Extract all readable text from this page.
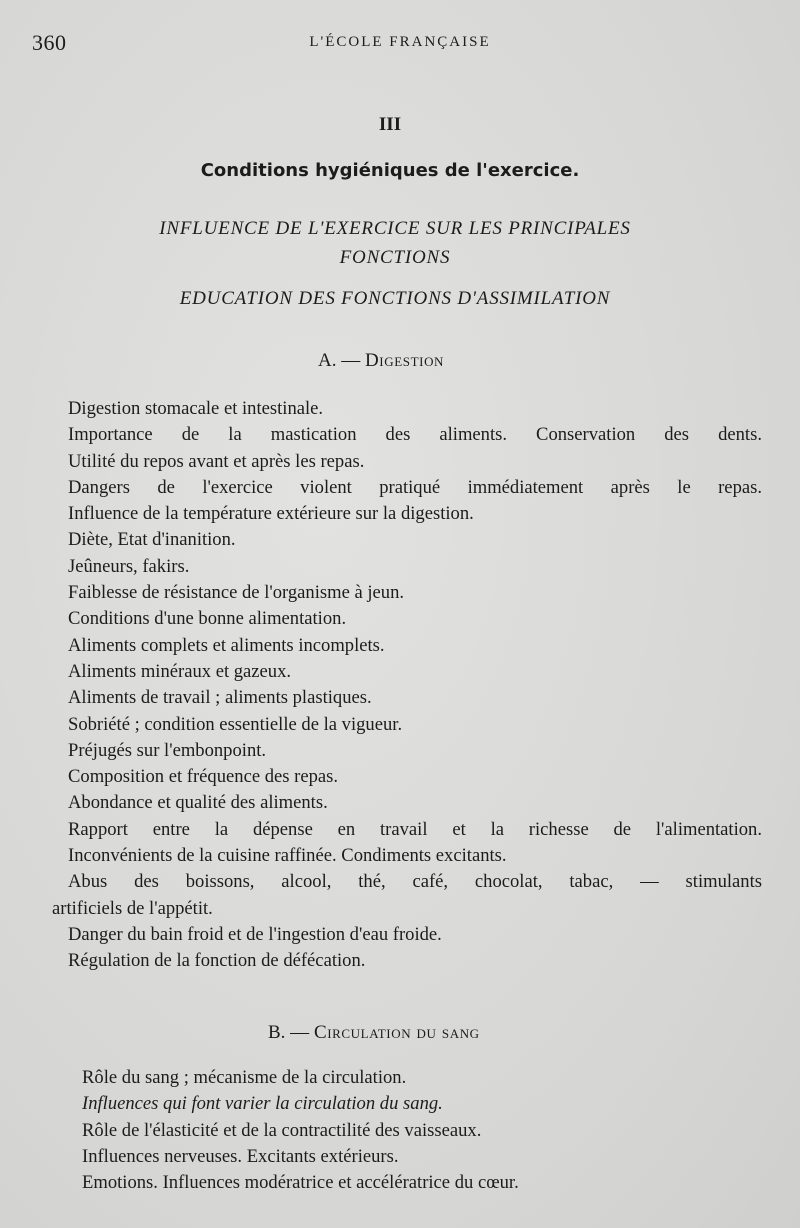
360	L'ÉCOLE FRANÇAISE
III
Conditions hygiéniques de l'exercice.
INFLUENCE DE L'EXERCICE SUR LES PRINCIPALES
FONCTIONS
EDUCATION DES FONCTIONS D'ASSIMILATION
A. — Digestion
Digestion stomacale et intestinale.
Importance de la mastication des aliments. Conservation des dents.
Utilité du repos avant et après les repas.
Dangers de l'exercice violent pratiqué immédiatement après le repas.
Influence de la température extérieure sur la digestion.
Diète, Etat d'inanition.
Jeûneurs, fakirs.
Faiblesse de résistance de l'organisme à jeun.
Conditions d'une bonne alimentation.
Aliments complets et aliments incomplets.
Aliments minéraux et gazeux.
Aliments de travail ; aliments plastiques.
Sobriété ; condition essentielle de la vigueur.
Préjugés sur l'embonpoint.
Composition et fréquence des repas.
Abondance et qualité des aliments.
Rapport entre la dépense en travail et la richesse de l'alimentation.
Inconvénients de la cuisine raffinée. Condiments excitants.
Abus des boissons, alcool, thé, café, chocolat, tabac, — stimulants
artificiels de l'appétit.
Danger du bain froid et de l'ingestion d'eau froide.
Régulation de la fonction de défécation.
B. — Circulation du sang
Rôle du sang ; mécanisme de la circulation.
Influences qui font varier la circulation du sang.
Rôle de l'élasticité et de la contractilité des vaisseaux.
Influences nerveuses. Excitants extérieurs.
Emotions. Influences modératrice et accélératrice du cœur.
